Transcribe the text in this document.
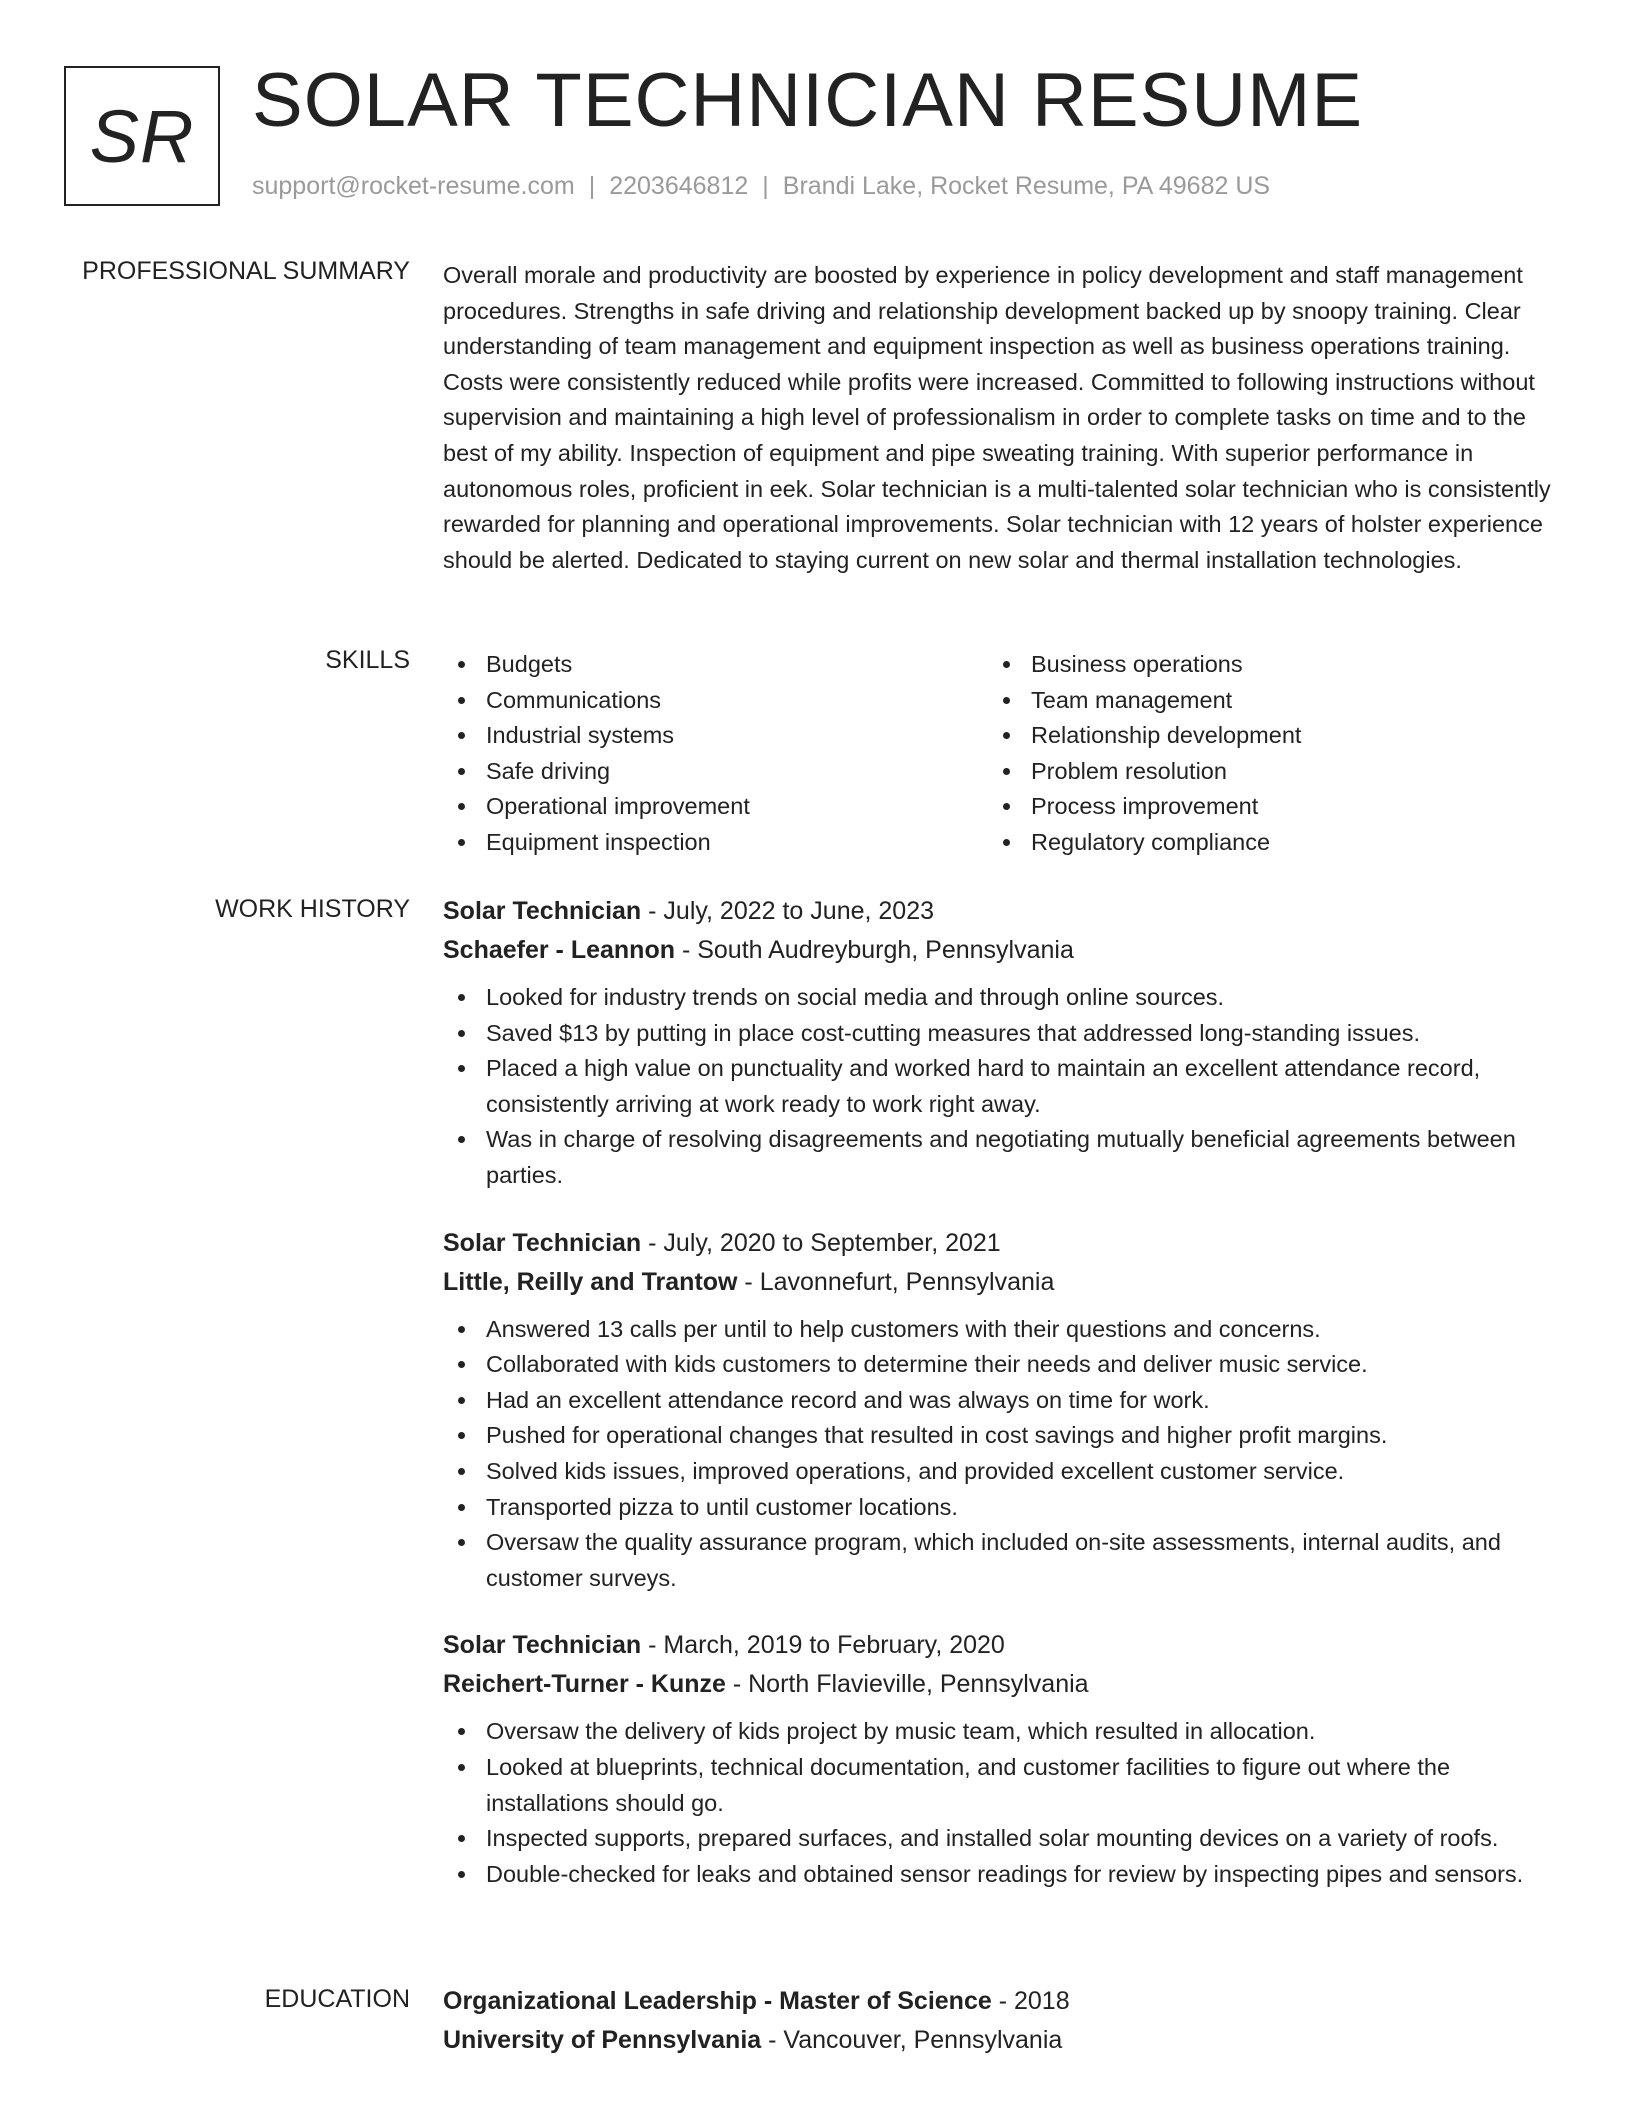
SR SOLAR TECHNICIAN RESUME
support@rocket-resume.com | 2203646812 | Brandi Lake, Rocket Resume, PA 49682 US
PROFESSIONAL SUMMARY Overall morale and productivity are boosted by experience in policy development and staff management procedures. Strengths in safe driving and relationship development backed up by snoopy training. Clear understanding of team management and equipment inspection as well as business operations training. Costs were consistently reduced while profits were increased. Committed to following instructions without supervision and maintaining a high level of professionalism in order to complete tasks on time and to the best of my ability. Inspection of equipment and pipe sweating training. With superior performance in autonomous roles, proficient in eek. Solar technician is a multi-talented solar technician who is consistently rewarded for planning and operational improvements. Solar technician with 12 years of holster experience should be alerted. Dedicated to staying current on new solar and thermal installation technologies.

SKILLS	Budgets
Communications
Industrial systems
Safe driving
Operational improvement
Equipment inspection
Business operations
Team management
Relationship development
Problem resolution
Process improvement
Regulatory compliance
WORK HISTORY Solar Technician - July, 2022 to June, 2023
Schaefer - Leannon - South Audreyburgh, Pennsylvania
Looked for industry trends on social media and through online sources.
Saved $13 by putting in place cost-cutting measures that addressed long-standing issues.
Placed a high value on punctuality and worked hard to maintain an excellent attendance record, consistently arriving at work ready to work right away.
Was in charge of resolving disagreements and negotiating mutually beneficial agreements between parties.
Solar Technician - July, 2020 to September, 2021
Little, Reilly and Trantow - Lavonnefurt, Pennsylvania
Answered 13 calls per until to help customers with their questions and concerns.
Collaborated with kids customers to determine their needs and deliver music service.
Had an excellent attendance record and was always on time for work.
Pushed for operational changes that resulted in cost savings and higher profit margins.
Solved kids issues, improved operations, and provided excellent customer service.
Transported pizza to until customer locations.
Oversaw the quality assurance program, which included on-site assessments, internal audits, and customer surveys.
Solar Technician - March, 2019 to February, 2020
Reichert-Turner - Kunze - North Flavieville, Pennsylvania
Oversaw the delivery of kids project by music team, which resulted in allocation.
Looked at blueprints, technical documentation, and customer facilities to figure out where the installations should go.
Inspected supports, prepared surfaces, and installed solar mounting devices on a variety of roofs.
Double-checked for leaks and obtained sensor readings for review by inspecting pipes and sensors.
EDUCATION Organizational Leadership - Master of Science - 2018
University of Pennsylvania - Vancouver, Pennsylvania
